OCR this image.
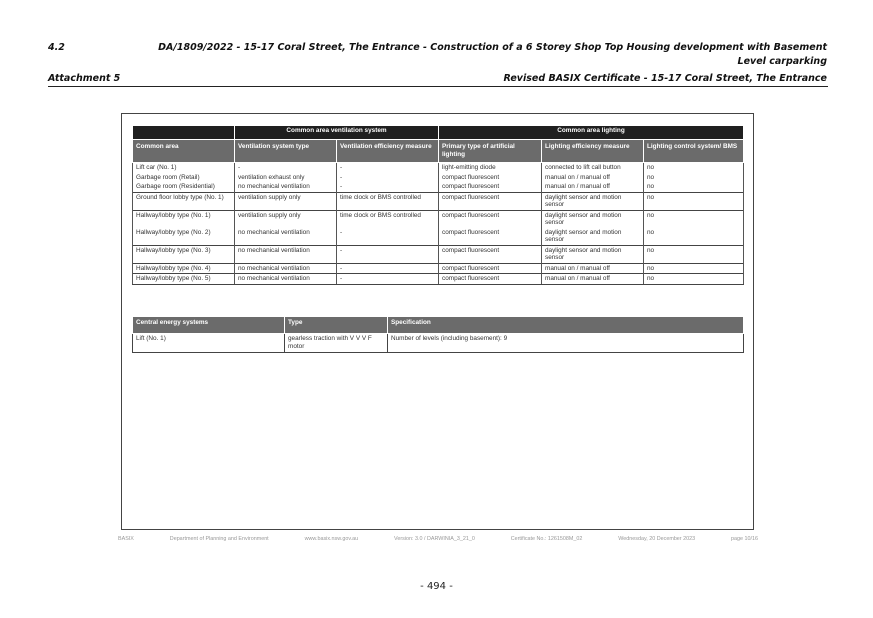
4.2	DA/1809/2022 - 15-17 Coral Street, The Entrance - Construction of a 6 Storey Shop Top Housing development with Basement
Level carparking
Attachment 5	Revised BASIX Certificate - 15-17 Coral Street, The Entrance
	Common area ventilation system		Common area lighting		
Common area	Ventilation system type	Ventilation efficiency measure	Primary type of artificial lighting	Lighting efficiency measure	Lighting control system/ BMS
Lift car (No. 1)	-	-	light-emitting diode	connected to lift call button	no
Garbage room (Retail)	ventilation exhaust only	-	compact fluorescent	manual on / manual off	no
Garbage room (Residential)	no mechanical ventilation	-	compact fluorescent	manual on / manual off	no
Ground floor lobby type (No. 1)	ventilation supply only	time clock or BMS controlled	compact fluorescent	daylight sensor and motion sensor	no
Hallway/lobby type (No. 1)	ventilation supply only	time clock or BMS controlled	compact fluorescent	daylight sensor and motion sensor	no
Hallway/lobby type (No. 2)	no mechanical ventilation	-	compact fluorescent	daylight sensor and motion sensor	no
Hallway/lobby type (No. 3)	no mechanical ventilation	-	compact fluorescent	daylight sensor and motion sensor	no
Hallway/lobby type (No. 4)	no mechanical ventilation	-	compact fluorescent	manual on / manual off	no
Hallway/lobby type (No. 5)	no mechanical ventilation	-	compact fluorescent	manual on / manual off	no
Central energy systems	Type	Specification
Lift (No. 1)	gearless traction with V V V F motor	Number of levels (including basement): 9
BASIX	Department of Planning and Environment	www.basix.nsw.gov.au	Version: 3.0 / DARWINIA_3_21_0	Certificate No.: 1261508M_02	Wednesday, 20 December 2023	page 10/16
- 494 -
